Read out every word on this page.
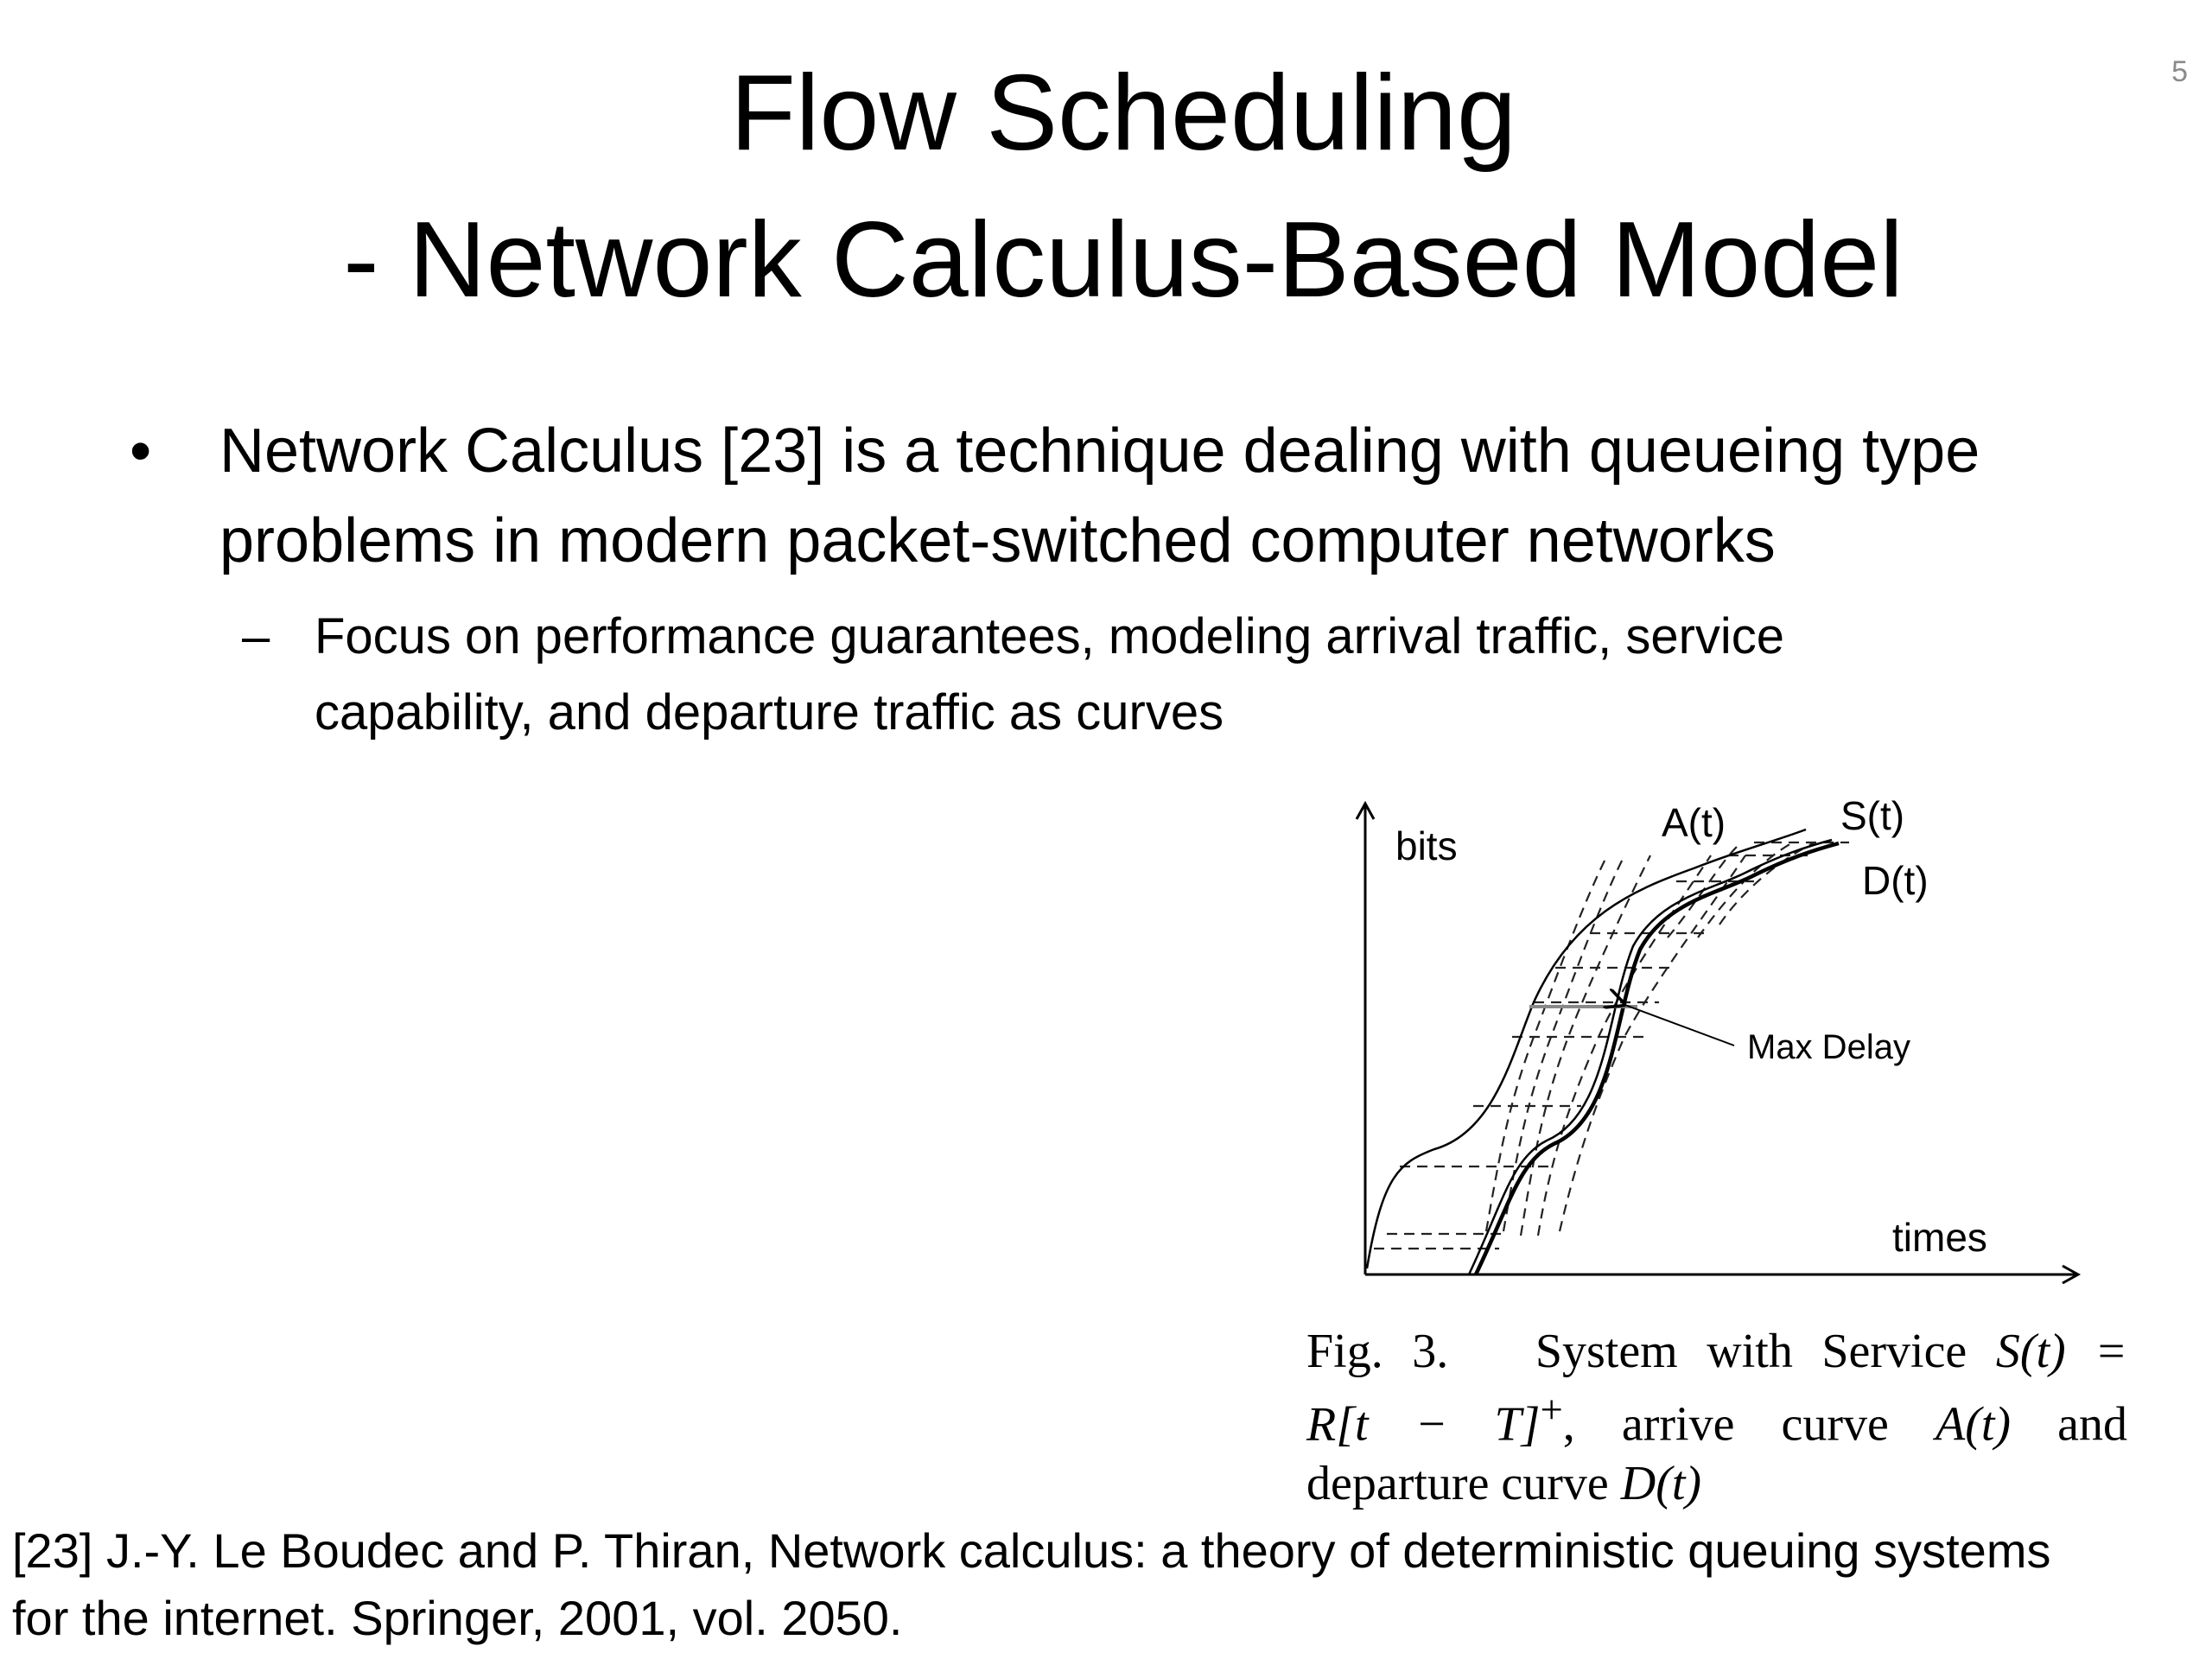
5
Flow Scheduling
- Network Calculus-Based Model
• Network Calculus [23] is a technique dealing with queueing type
problems in modern packet-switched computer networks
– Focus on performance guarantees, modeling arrival traffic, service
capability, and departure traffic as curves
bits
times
A(t)	S(t)
D(t)
Max Delay
Fig. 3. System with Service S(t) =
R[t − T]+, arrive curve A(t) and
departure curve D(t)
[23] J.-Y. Le Boudec and P. Thiran, Network calculus: a theory of deterministic queuing systems
for the internet. Springer, 2001, vol. 2050.
